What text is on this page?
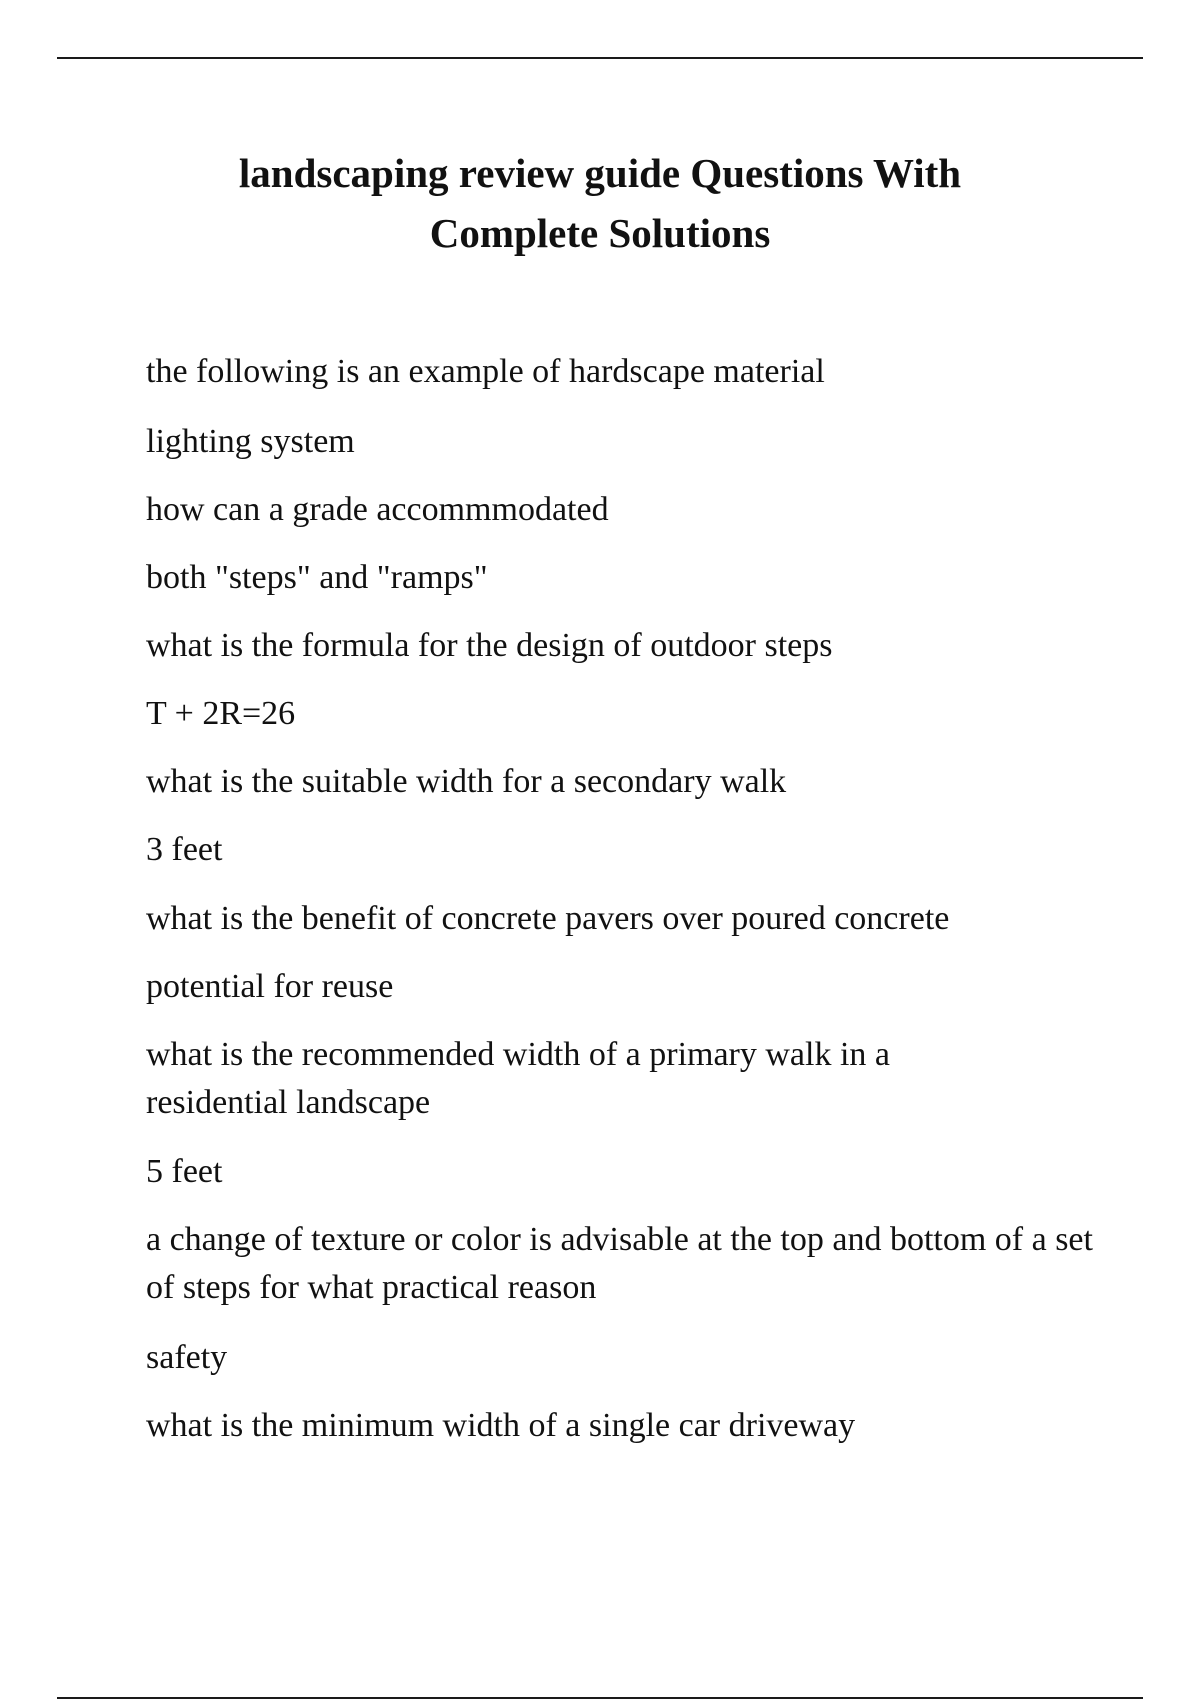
landscaping review guide Questions With Complete Solutions

the following is an example of hardscape material

lighting system

how can a grade accommmodated

both "steps" and "ramps"

what is the formula for the design of outdoor steps

T + 2R=26

what is the suitable width for a secondary walk

3 feet

what is the benefit of concrete pavers over poured concrete

potential for reuse

what is the recommended width of a primary walk in a residential landscape

5 feet

a change of texture or color is advisable at the top and bottom of a set of steps for what practical reason

safety

what is the minimum width of a single car driveway
